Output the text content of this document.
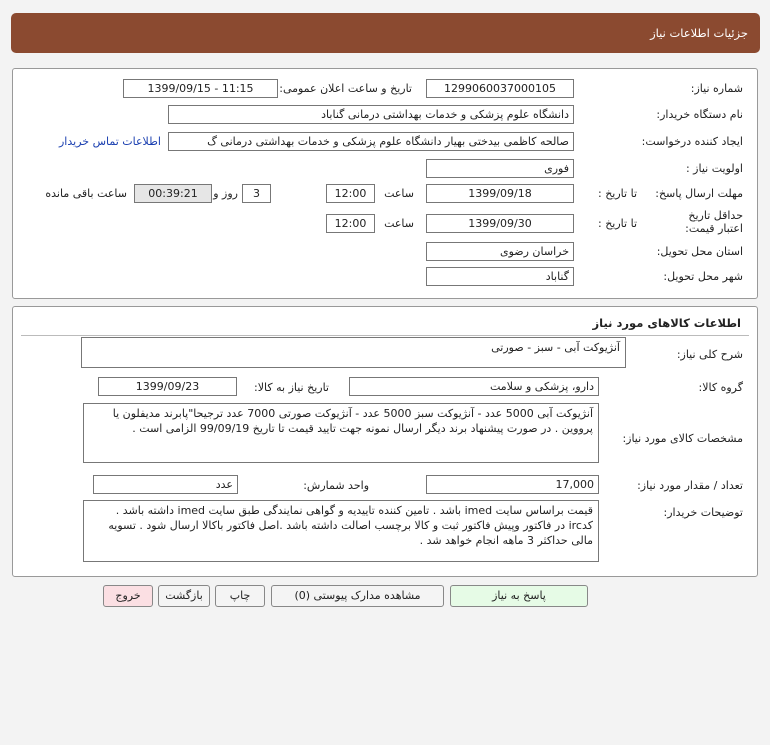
جزئیات اطلاعات نیاز
شماره نیاز:
1299060037000105
تاریخ و ساعت اعلان عمومی:
1399/09/15 - 11:15
نام دستگاه خریدار:
دانشگاه علوم پزشکی و خدمات بهداشتی درمانی گناباد
ایجاد کننده درخواست:
صالحه کاظمی بیدختی بهیار دانشگاه علوم پزشکی و خدمات بهداشتی درمانی گ
اطلاعات تماس خریدار
اولویت نیاز :
فوری
مهلت ارسال پاسخ:
تا تاریخ :
1399/09/18
ساعت
12:00
3
روز و
00:39:21
ساعت باقی مانده
حداقل تاریخ اعتبار قیمت:
تا تاریخ :
1399/09/30
ساعت
12:00
استان محل تحویل:
خراسان رضوی
شهر محل تحویل:
گناباد
اطلاعات کالاهای مورد نیاز
شرح کلی نیاز:
آنژیوکت آبی - سبز - صورتی
گروه کالا:
دارو، پزشکی و سلامت
تاریخ نیاز به کالا:
1399/09/23
مشخصات کالای مورد نیاز:
آنژیوکت آبی 5000 عدد - آنژیوکت سبز 5000 عدد - آنژیوکت صورتی 7000 عدد ترجیحا"پابرند مدیفلون یا پرووین . در صورت پیشنهاد برند دیگر ارسال نمونه جهت تایید قیمت تا تاریخ 99/09/19 الزامی است .
تعداد / مقدار مورد نیاز:
17,000
واحد شمارش:
عدد
توضیحات خریدار:
قیمت براساس سایت imed باشد . تامین کننده تاییدیه و گواهی نمایندگی طبق سایت imed داشته باشد . کدirc در فاکتور وپیش فاکتور ثبت و کالا برچسب اصالت داشته باشد .اصل فاکتور باکالا ارسال شود . تسویه مالی حداکثر 3 ماهه انجام خواهد شد .
پاسخ به نیاز
مشاهده مدارک پیوستی (0)
چاپ
بازگشت
خروج
